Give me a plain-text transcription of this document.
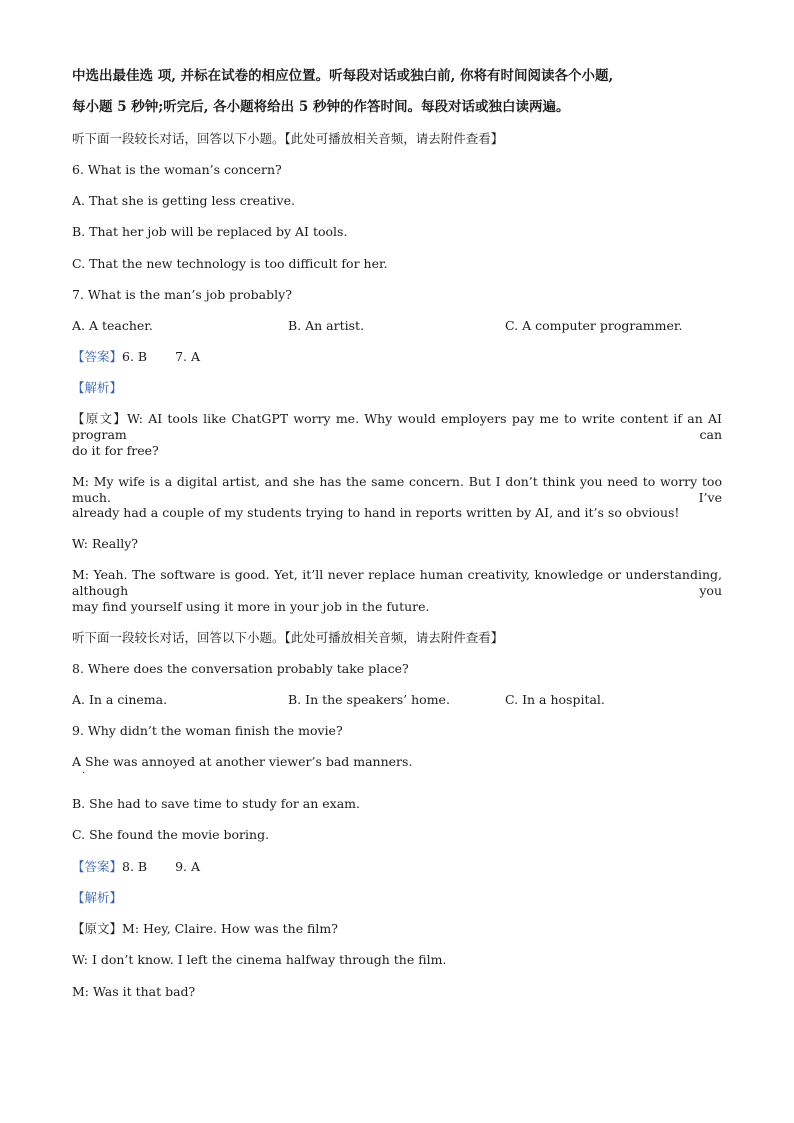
中选出最佳选 项, 并标在试卷的相应位置。听每段对话或独白前, 你将有时间阅读各个小题,
每小题 5 秒钟;听完后, 各小题将给出 5 秒钟的作答时间。每段对话或独白读两遍。
听下面一段较长对话，回答以下小题。【此处可播放相关音频，请去附件查看】
6. What is the woman’s concern?
A. That she is getting less creative.
B. That her job will be replaced by AI tools.
C. That the new technology is too difficult for her.
7. What is the man’s job probably?
A. A teacher.	B. An artist.	C. A computer programmer.
【答案】6. B 7. A
【解析】
【原文】W: AI tools like ChatGPT worry me. Why would employers pay me to write content if an AI program can
do it for free?
M: My wife is a digital artist, and she has the same concern. But I don’t think you need to worry too much. I’ve
already had a couple of my students trying to hand in reports written by AI, and it’s so obvious!
W: Really?
M: Yeah. The software is good. Yet, it’ll never replace human creativity, knowledge or understanding, although you
may find yourself using it more in your job in the future.
听下面一段较长对话，回答以下小题。【此处可播放相关音频，请去附件查看】
8. Where does the conversation probably take place?
A. In a cinema.	B. In the speakers’ home.	C. In a hospital.
9. Why didn’t the woman finish the movie?
A She was annoyed at another viewer’s bad manners.
·
B. She had to save time to study for an exam.
C. She found the movie boring.
【答案】8. B 9. A
【解析】
【原文】M: Hey, Claire. How was the film?
W: I don’t know. I left the cinema halfway through the film.
M: Was it that bad?
